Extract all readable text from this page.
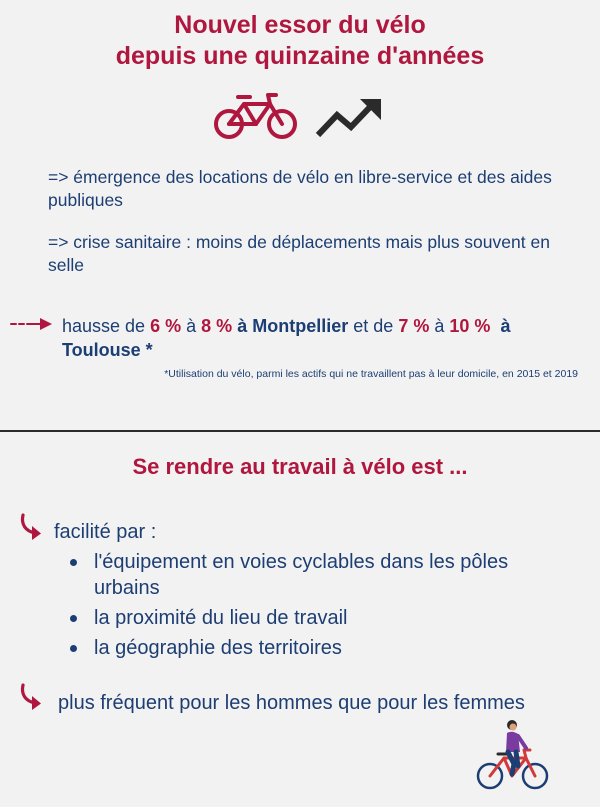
Nouvel essor du vélo
depuis une quinzaine d'années
=> émergence des locations de vélo en libre-service et des aides publiques
=> crise sanitaire : moins de déplacements mais plus souvent en selle
hausse de 6 % à 8 % à Montpellier et de 7 % à 10 % à Toulouse *
*Utilisation du vélo, parmi les actifs qui ne travaillent pas à leur domicile, en 2015 et 2019
Se rendre au travail à vélo est ...
facilité par :
l'équipement en voies cyclables dans les pôles urbains
la proximité du lieu de travail
la géographie des territoires
plus fréquent pour les hommes que pour les femmes
